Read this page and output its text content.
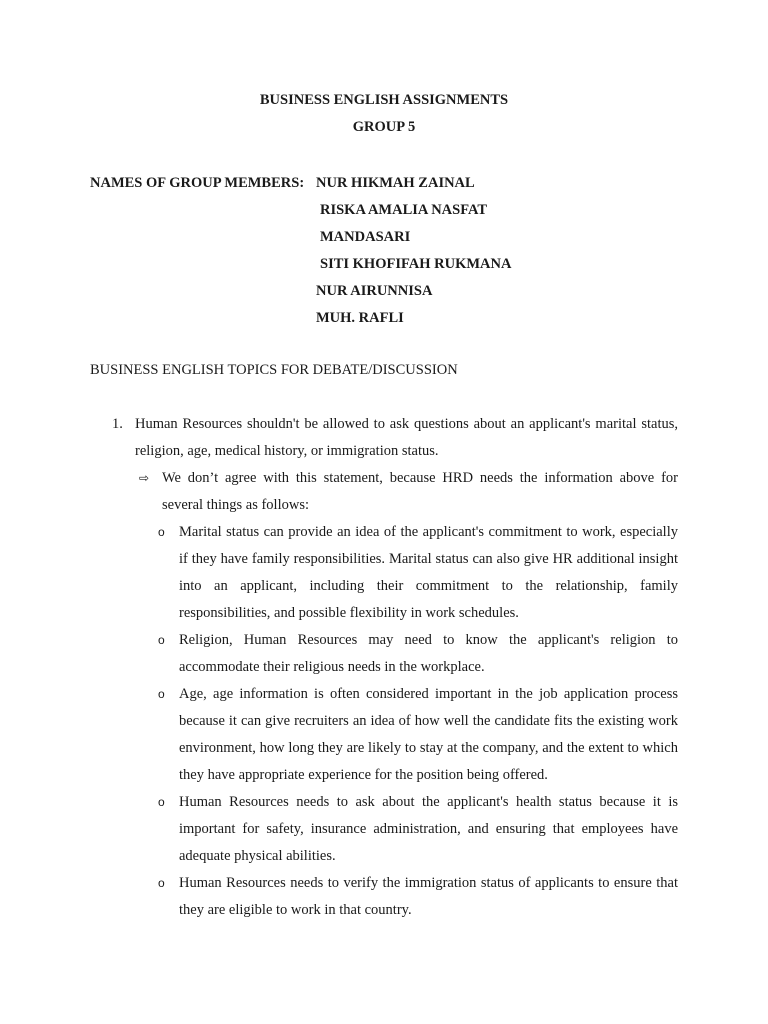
BUSINESS ENGLISH ASSIGNMENTS
GROUP 5
NAMES OF GROUP MEMBERS: NUR HIKMAH ZAINAL
RISKA AMALIA NASFAT
MANDASARI
SITI KHOFIFAH RUKMANA
NUR AIRUNNISA
MUH. RAFLI
BUSINESS ENGLISH TOPICS FOR DEBATE/DISCUSSION
1. Human Resources shouldn't be allowed to ask questions about an applicant's marital status, religion, age, medical history, or immigration status.
⇨ We don’t agree with this statement, because HRD needs the information above for several things as follows:
o Marital status can provide an idea of the applicant's commitment to work, especially if they have family responsibilities. Marital status can also give HR additional insight into an applicant, including their commitment to the relationship, family responsibilities, and possible flexibility in work schedules.
o Religion, Human Resources may need to know the applicant's religion to accommodate their religious needs in the workplace.
o Age, age information is often considered important in the job application process because it can give recruiters an idea of how well the candidate fits the existing work environment, how long they are likely to stay at the company, and the extent to which they have appropriate experience for the position being offered.
o Human Resources needs to ask about the applicant's health status because it is important for safety, insurance administration, and ensuring that employees have adequate physical abilities.
o Human Resources needs to verify the immigration status of applicants to ensure that they are eligible to work in that country.
